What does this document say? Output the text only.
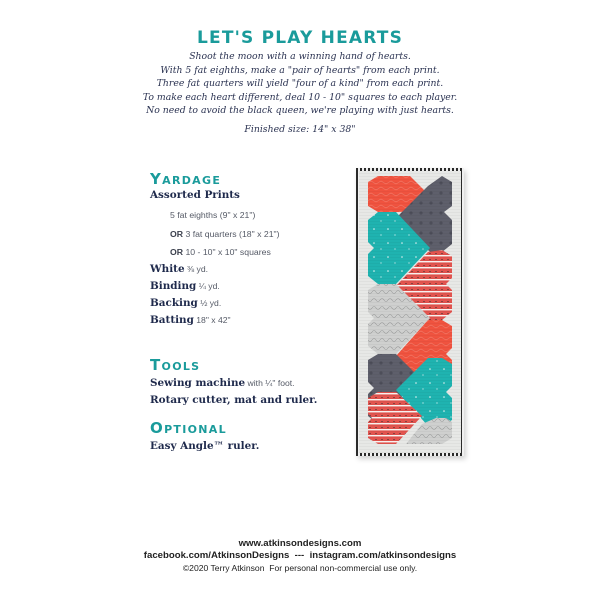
LET'S PLAY HEARTS
Shoot the moon with a winning hand of hearts.
With 5 fat eighths, make a "pair of hearts" from each print.
Three fat quarters will yield "four of a kind" from each print.
To make each heart different, deal 10 - 10" squares to each player.
No need to avoid the black queen, we're playing with just hearts.
Finished size: 14" x 38"
YARDAGE
Assorted Prints
5 fat eighths (9" x 21")
OR 3 fat quarters (18" x 21")
OR 10 - 10" x 10" squares
White ⅜ yd.
Binding ¼ yd.
Backing ½ yd.
Batting 18" x 42"
TOOLS
Sewing machine with ¼" foot.
Rotary cutter, mat and ruler.
OPTIONAL
Easy Angle™ ruler.
www.atkinsondesigns.com
facebook.com/AtkinsonDesigns  ---  instagram.com/atkinsondesigns
©2020 Terry Atkinson  For personal non-commercial use only.
